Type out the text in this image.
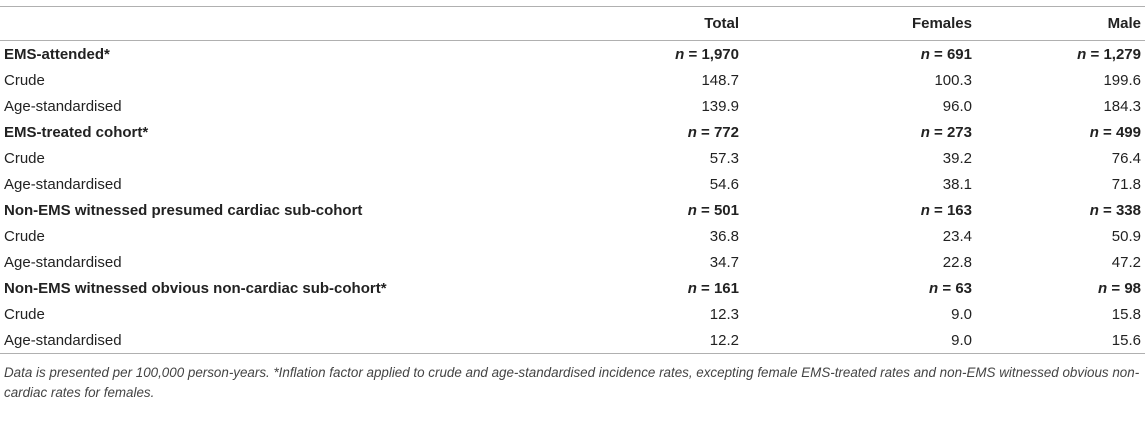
	Total	Females	Male
EMS-attended*	n = 1,970	n = 691	n = 1,279
Crude	148.7	100.3	199.6
Age-standardised	139.9	96.0	184.3
EMS-treated cohort*	n = 772	n = 273	n = 499
Crude	57.3	39.2	76.4
Age-standardised	54.6	38.1	71.8
Non-EMS witnessed presumed cardiac sub-cohort	n = 501	n = 163	n = 338
Crude	36.8	23.4	50.9
Age-standardised	34.7	22.8	47.2
Non-EMS witnessed obvious non-cardiac sub-cohort*	n = 161	n = 63	n = 98
Crude	12.3	9.0	15.8
Age-standardised	12.2	9.0	15.6
Data is presented per 100,000 person-years. *Inflation factor applied to crude and age-standardised incidence rates, excepting female EMS-treated rates and non-EMS witnessed obvious non-cardiac rates for females.
